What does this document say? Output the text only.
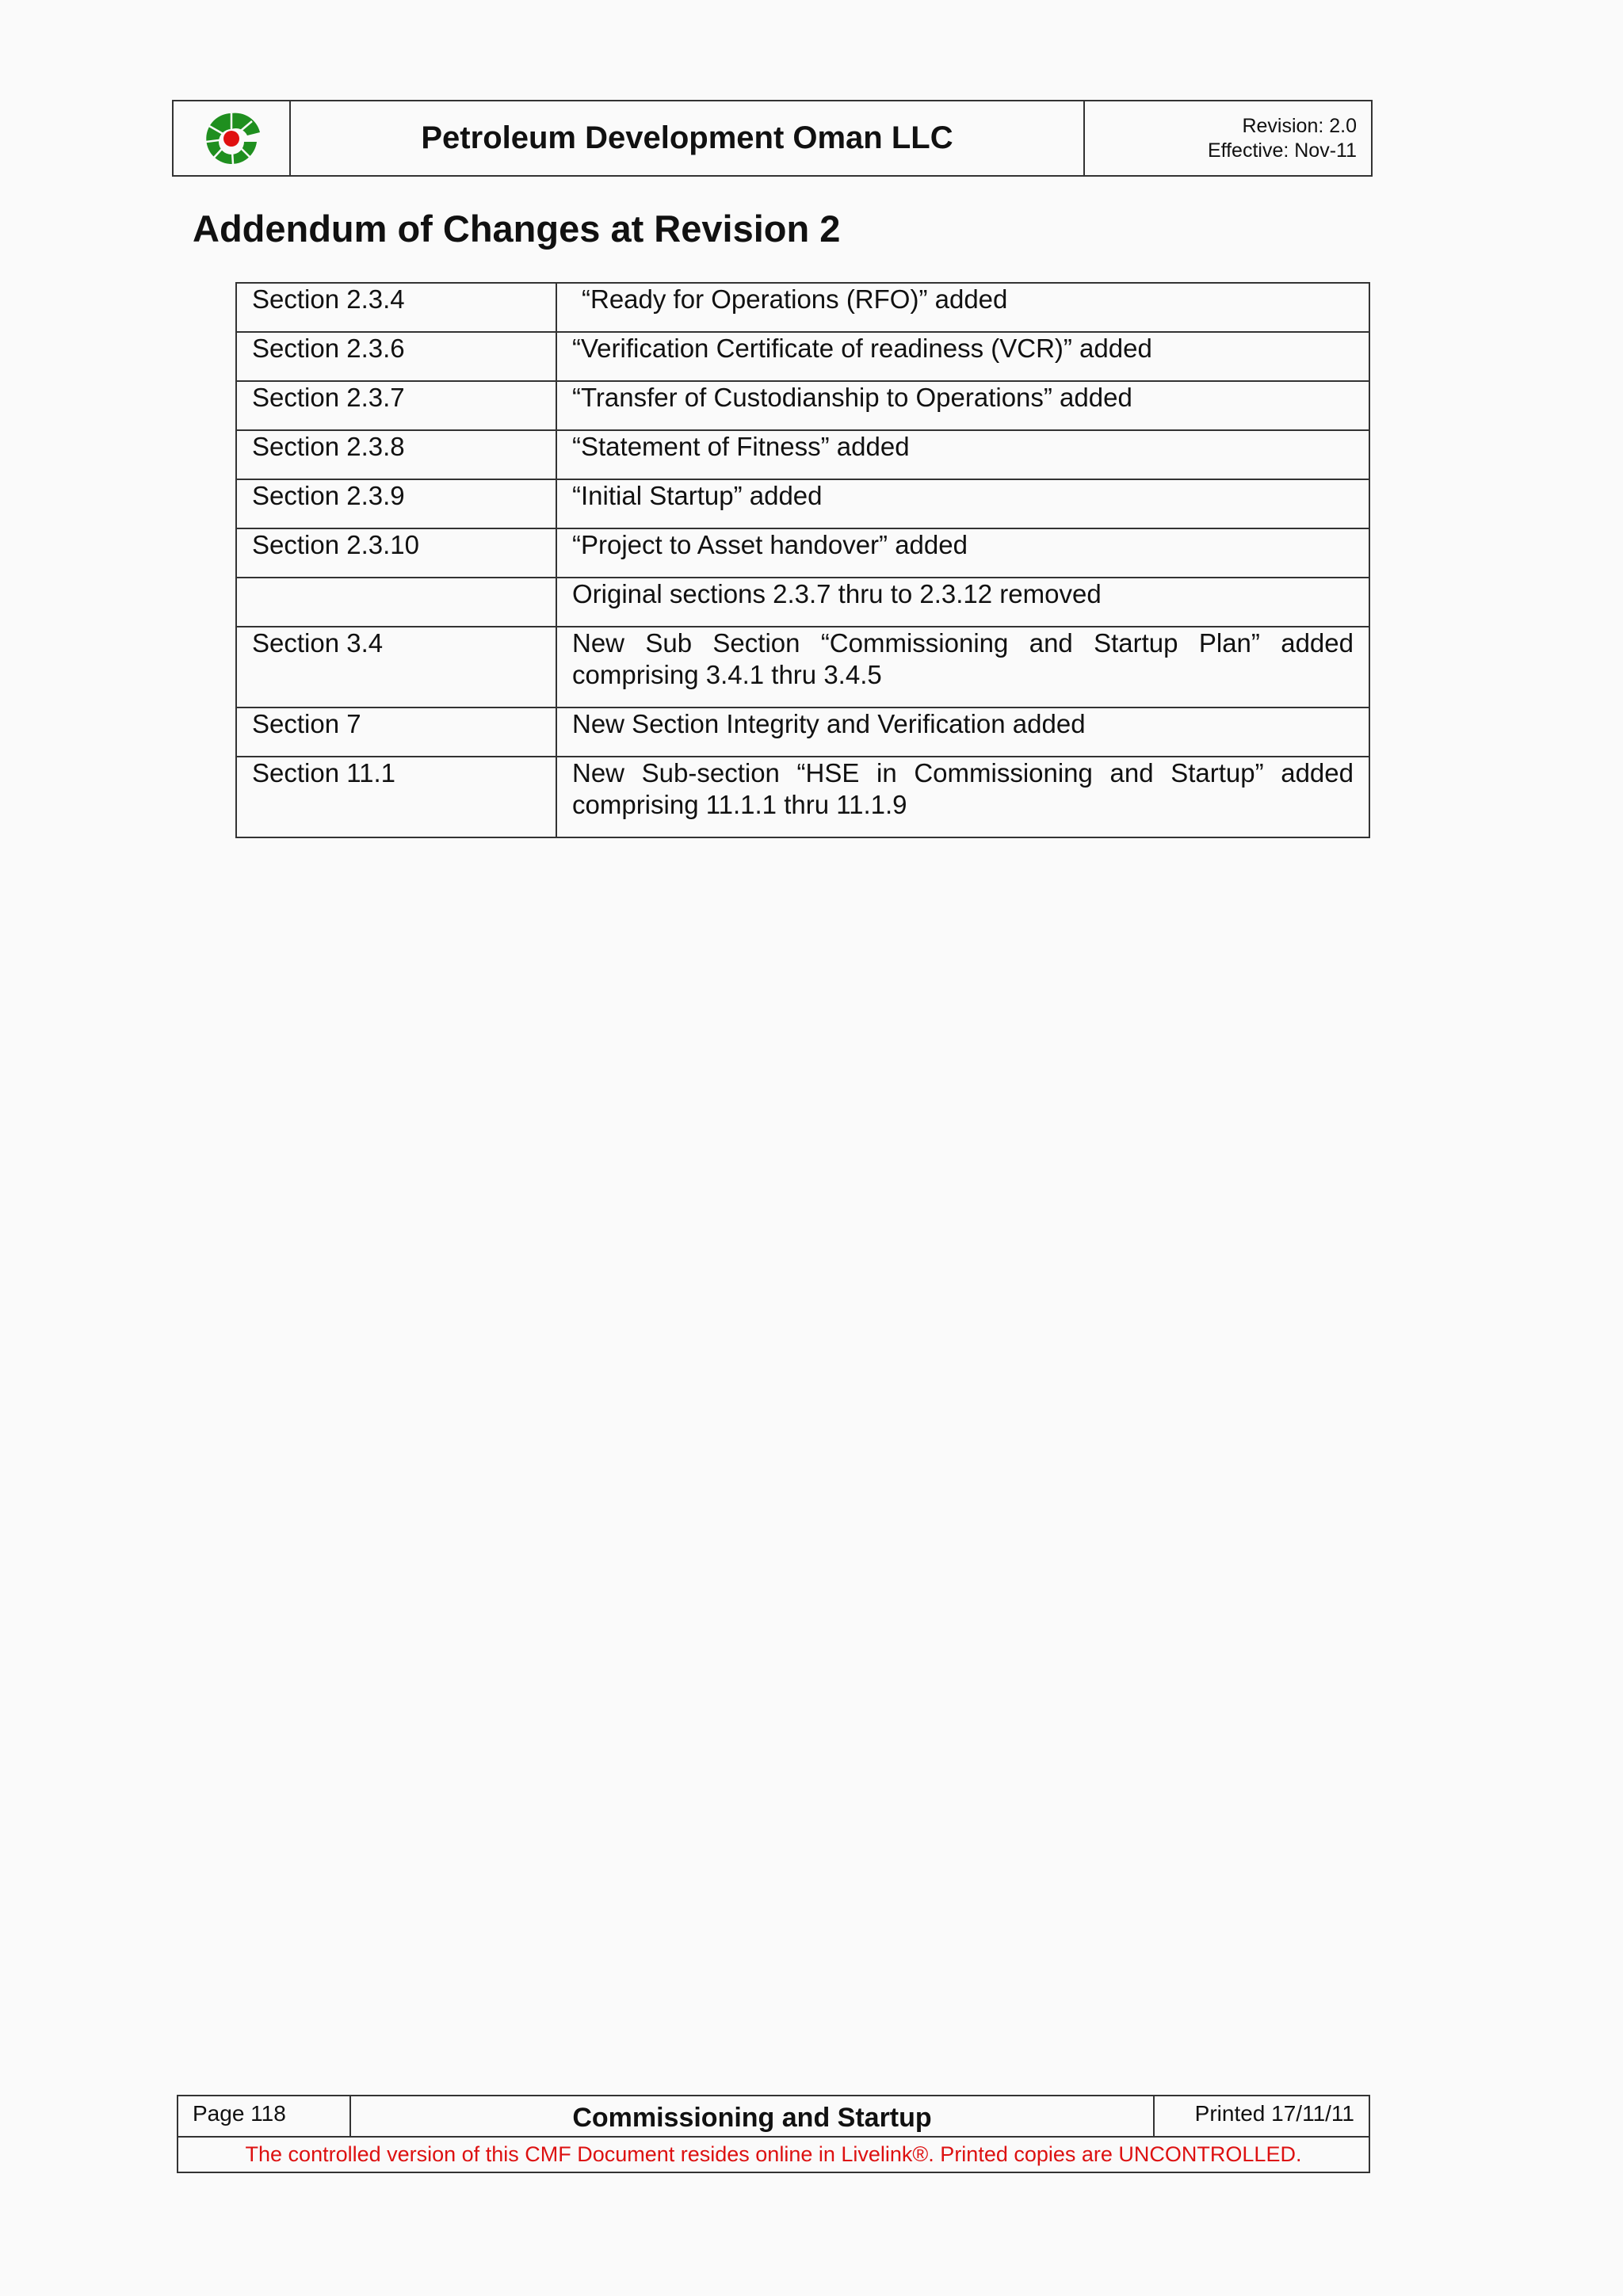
Petroleum Development Oman LLC	Revision: 2.0
Effective: Nov-11
Addendum of Changes at Revision 2
Section 2.3.4	“Ready for Operations (RFO)” added
Section 2.3.6	“Verification Certificate of readiness (VCR)” added
Section 2.3.7	“Transfer of Custodianship to Operations” added
Section 2.3.8	“Statement of Fitness” added
Section 2.3.9	“Initial Startup” added
Section 2.3.10	“Project to Asset handover” added
	Original sections 2.3.7 thru to 2.3.12 removed
Section 3.4	New Sub Section “Commissioning and Startup Plan” added comprising 3.4.1 thru 3.4.5
Section 7	New Section Integrity and Verification added
Section 11.1	New Sub-section “HSE in Commissioning and Startup” added comprising 11.1.1 thru 11.1.9
Page 118	Commissioning and Startup	Printed 17/11/11
The controlled version of this CMF Document resides online in Livelink®. Printed copies are UNCONTROLLED.
